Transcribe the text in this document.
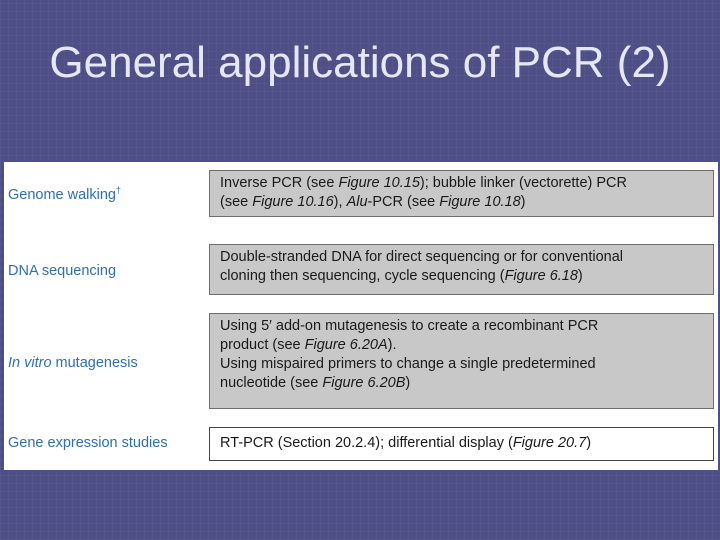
General applications of PCR (2)
Genome walking†	Inverse PCR (see Figure 10.15); bubble linker (vectorette) PCR
(see Figure 10.16), Alu-PCR (see Figure 10.18)
DNA sequencing
Double-stranded DNA for direct sequencing or for conventional
cloning then sequencing, cycle sequencing (Figure 6.18)
In vitro mutagenesis
Using 5′ add-on mutagenesis to create a recombinant PCR
product (see Figure 6.20A).
Using mispaired primers to change a single predetermined
nucleotide (see Figure 6.20B)
Gene expression studies	RT-PCR (Section 20.2.4); differential display (Figure 20.7)
